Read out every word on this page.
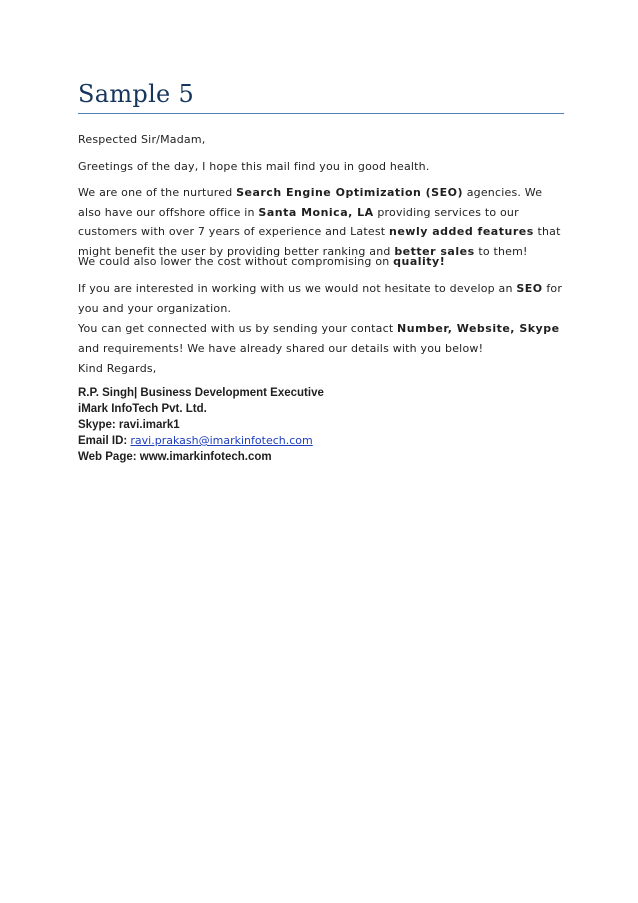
Sample 5
Respected Sir/Madam,
Greetings of the day, I hope this mail find you in good health.
We are one of the nurtured Search Engine Optimization (SEO) agencies. We also have our offshore office in Santa Monica, LA providing services to our customers with over 7 years of experience and Latest newly added features that might benefit the user by providing better ranking and better sales to them!
We could also lower the cost without compromising on quality!
If you are interested in working with us we would not hesitate to develop an SEO for you and your organization.
You can get connected with us by sending your contact Number, Website, Skype and requirements! We have already shared our details with you below!
Kind Regards,
R.P. Singh| Business Development Executive
iMark InfoTech Pvt. Ltd.
Skype: ravi.imark1
Email ID: ravi.prakash@imarkinfotech.com
Web Page: www.imarkinfotech.com
